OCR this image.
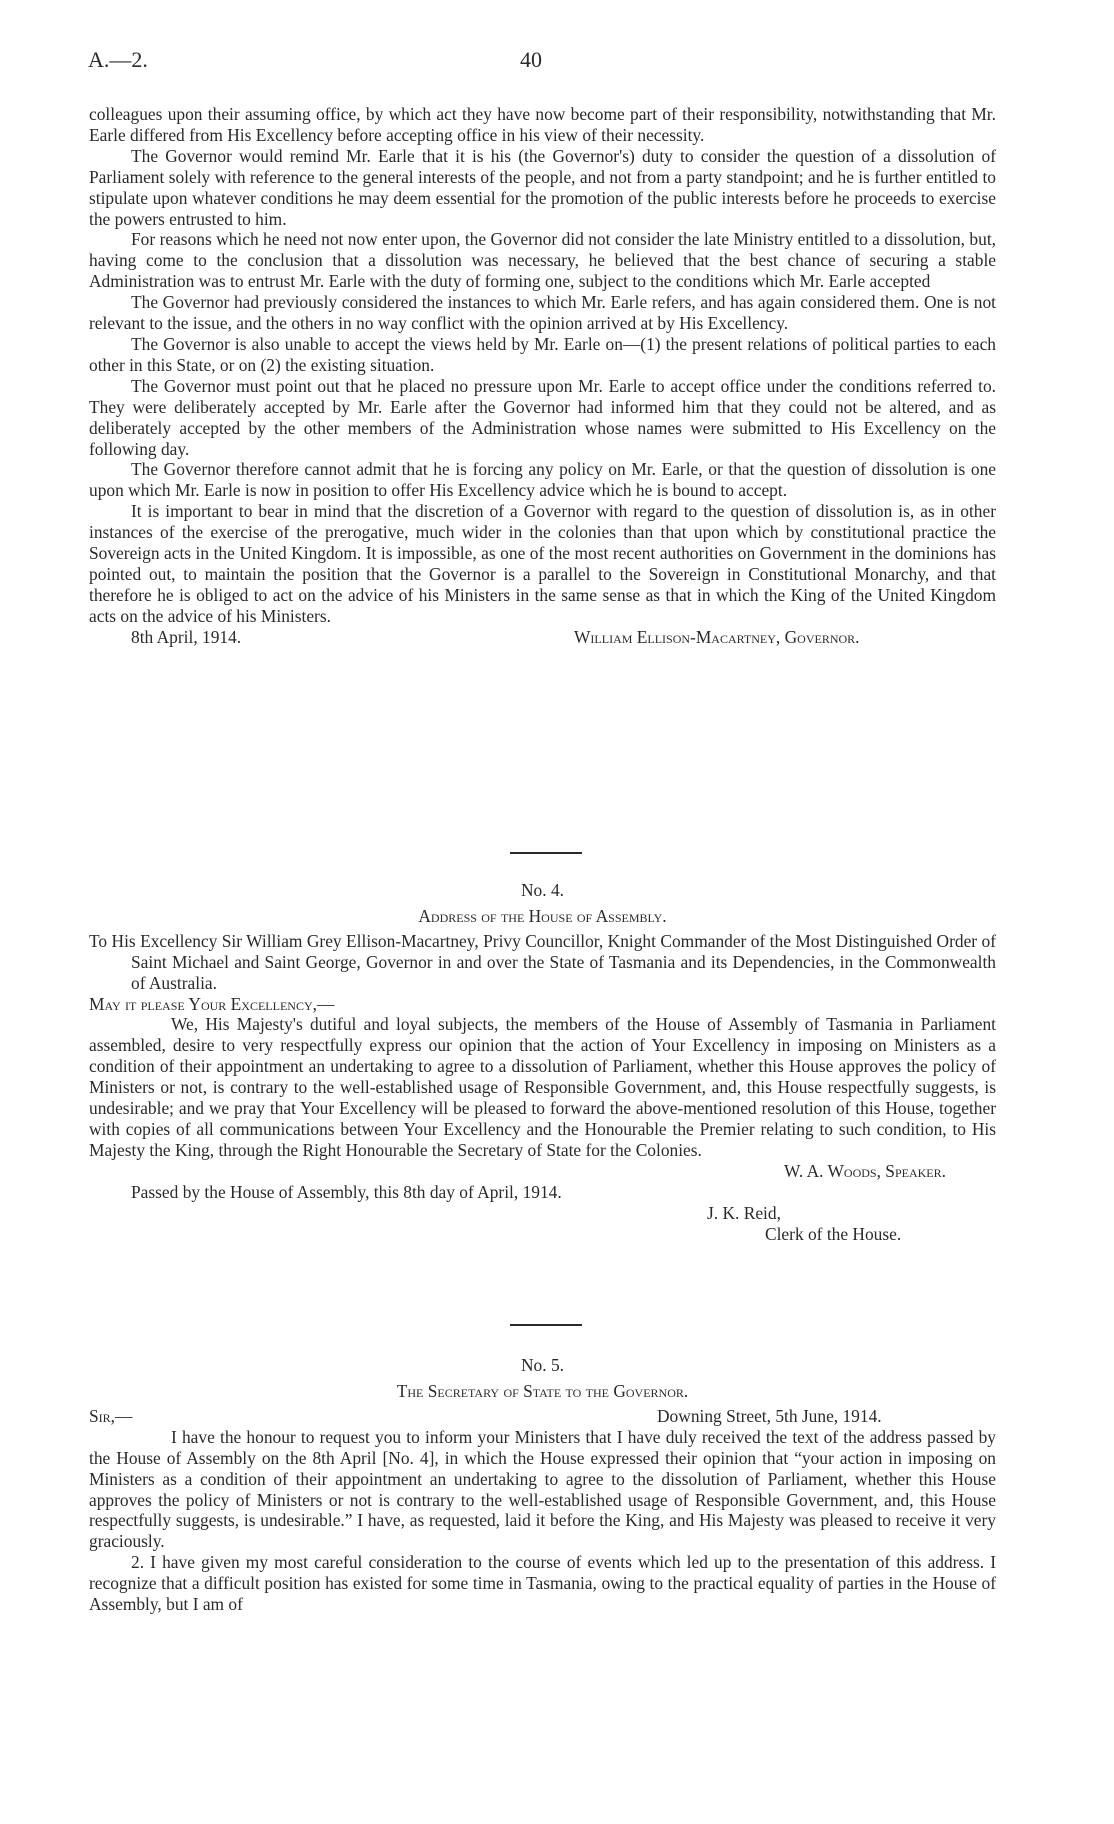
A.—2.	40

colleagues upon their assuming office, by which act they have now become part of their responsibility, notwithstanding that Mr. Earle differed from His Excellency before accepting office in his view of their necessity.

The Governor would remind Mr. Earle that it is his (the Governor's) duty to consider the question of a dissolution of Parliament solely with reference to the general interests of the people, and not from a party standpoint; and he is further entitled to stipulate upon whatever conditions he may deem essential for the promotion of the public interests before he proceeds to exercise the powers entrusted to him.

For reasons which he need not now enter upon, the Governor did not consider the late Ministry entitled to a dissolution, but, having come to the conclusion that a dissolution was necessary, he believed that the best chance of securing a stable Administration was to entrust Mr. Earle with the duty of forming one, subject to the conditions which Mr. Earle accepted

The Governor had previously considered the instances to which Mr. Earle refers, and has again considered them. One is not relevant to the issue, and the others in no way conflict with the opinion arrived at by His Excellency.

The Governor is also unable to accept the views held by Mr. Earle on—(1) the present relations of political parties to each other in this State, or on (2) the existing situation.

The Governor must point out that he placed no pressure upon Mr. Earle to accept office under the conditions referred to. They were deliberately accepted by Mr. Earle after the Governor had informed him that they could not be altered, and as deliberately accepted by the other members of the Administration whose names were submitted to His Excellency on the following day.

The Governor therefore cannot admit that he is forcing any policy on Mr. Earle, or that the question of dissolution is one upon which Mr. Earle is now in position to offer His Excellency advice which he is bound to accept.

It is important to bear in mind that the discretion of a Governor with regard to the question of dissolution is, as in other instances of the exercise of the prerogative, much wider in the colonies than that upon which by constitutional practice the Sovereign acts in the United Kingdom. It is impossible, as one of the most recent authorities on Government in the dominions has pointed out, to maintain the position that the Governor is a parallel to the Sovereign in Constitutional Monarchy, and that therefore he is obliged to act on the advice of his Ministers in the same sense as that in which the King of the United Kingdom acts on the advice of his Ministers.

8th April, 1914.	William Ellison-Macartney, Governor.

No. 4.

Address of the House of Assembly.

To His Excellency Sir William Grey Ellison-Macartney, Privy Councillor, Knight Commander of the Most Distinguished Order of Saint Michael and Saint George, Governor in and over the State of Tasmania and its Dependencies, in the Commonwealth of Australia.

May it please Your Excellency,—

We, His Majesty's dutiful and loyal subjects, the members of the House of Assembly of Tasmania in Parliament assembled, desire to very respectfully express our opinion that the action of Your Excellency in imposing on Ministers as a condition of their appointment an undertaking to agree to a dissolution of Parliament, whether this House approves the policy of Ministers or not, is contrary to the well-established usage of Responsible Government, and, this House respectfully suggests, is undesirable; and we pray that Your Excellency will be pleased to forward the above-mentioned resolution of this House, together with copies of all communications between Your Excellency and the Honourable the Premier relating to such condition, to His Majesty the King, through the Right Honourable the Secretary of State for the Colonies.

W. A. Woods, Speaker.

Passed by the House of Assembly, this 8th day of April, 1914.

J. K. Reid,

Clerk of the House.

No. 5.

The Secretary of State to the Governor.

Sir,—	Downing Street, 5th June, 1914.

I have the honour to request you to inform your Ministers that I have duly received the text of the address passed by the House of Assembly on the 8th April [No. 4], in which the House expressed their opinion that “your action in imposing on Ministers as a condition of their appointment an undertaking to agree to the dissolution of Parliament, whether this House approves the policy of Ministers or not is contrary to the well-established usage of Responsible Government, and, this House respectfully suggests, is undesirable.” I have, as requested, laid it before the King, and His Majesty was pleased to receive it very graciously.

2. I have given my most careful consideration to the course of events which led up to the presentation of this address. I recognize that a difficult position has existed for some time in Tasmania, owing to the practical equality of parties in the House of Assembly, but I am of
